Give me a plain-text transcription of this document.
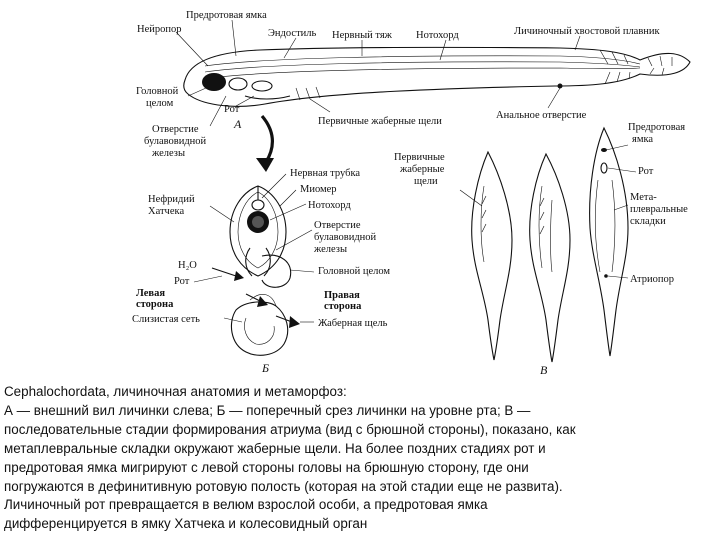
Предротовая ямка
Нейропор	Эндостиль Нервный тяж Нотохорд	Личиночный хвостовой плавник
Головной
целом
Рот
А
Анальное отверстие
Отверстие
булавовидной
железы
Первичные жаберные щели
Нервная трубка
Миомер
Нотохорд
Нефридий
Хатчека
Отверстие
булавовидной
железы
H₂O
Головной целом
Рот
Левая
сторона
Правая
сторона
Слизистая сеть	Жаберная щель
Б
Первичные
жаберные
щели
Предротовая
ямка
Рот
Мета-
плевральные
складки
Атриопор
В

Cephalochordata, личиночная анатомия и метаморфоз:

А — внешний вил личинки слева; Б — поперечный срез личинки на уровне рта; В —

последовательные стадии формирования атриума (вид с брюшной стороны), показано, как

метаплевральные складки окружают жаберные щели. На более поздних стадиях рот и

предротовая ямка мигрируют с левой стороны головы на брюшную сторону, где они

погружаются в дефинитивную ротовую полость (которая на этой стадии еще не развита).

Личиночный рот превращается в велюм взрослой особи, а предротовая ямка

дифференцируется в ямку Хатчека и колесовидный орган
